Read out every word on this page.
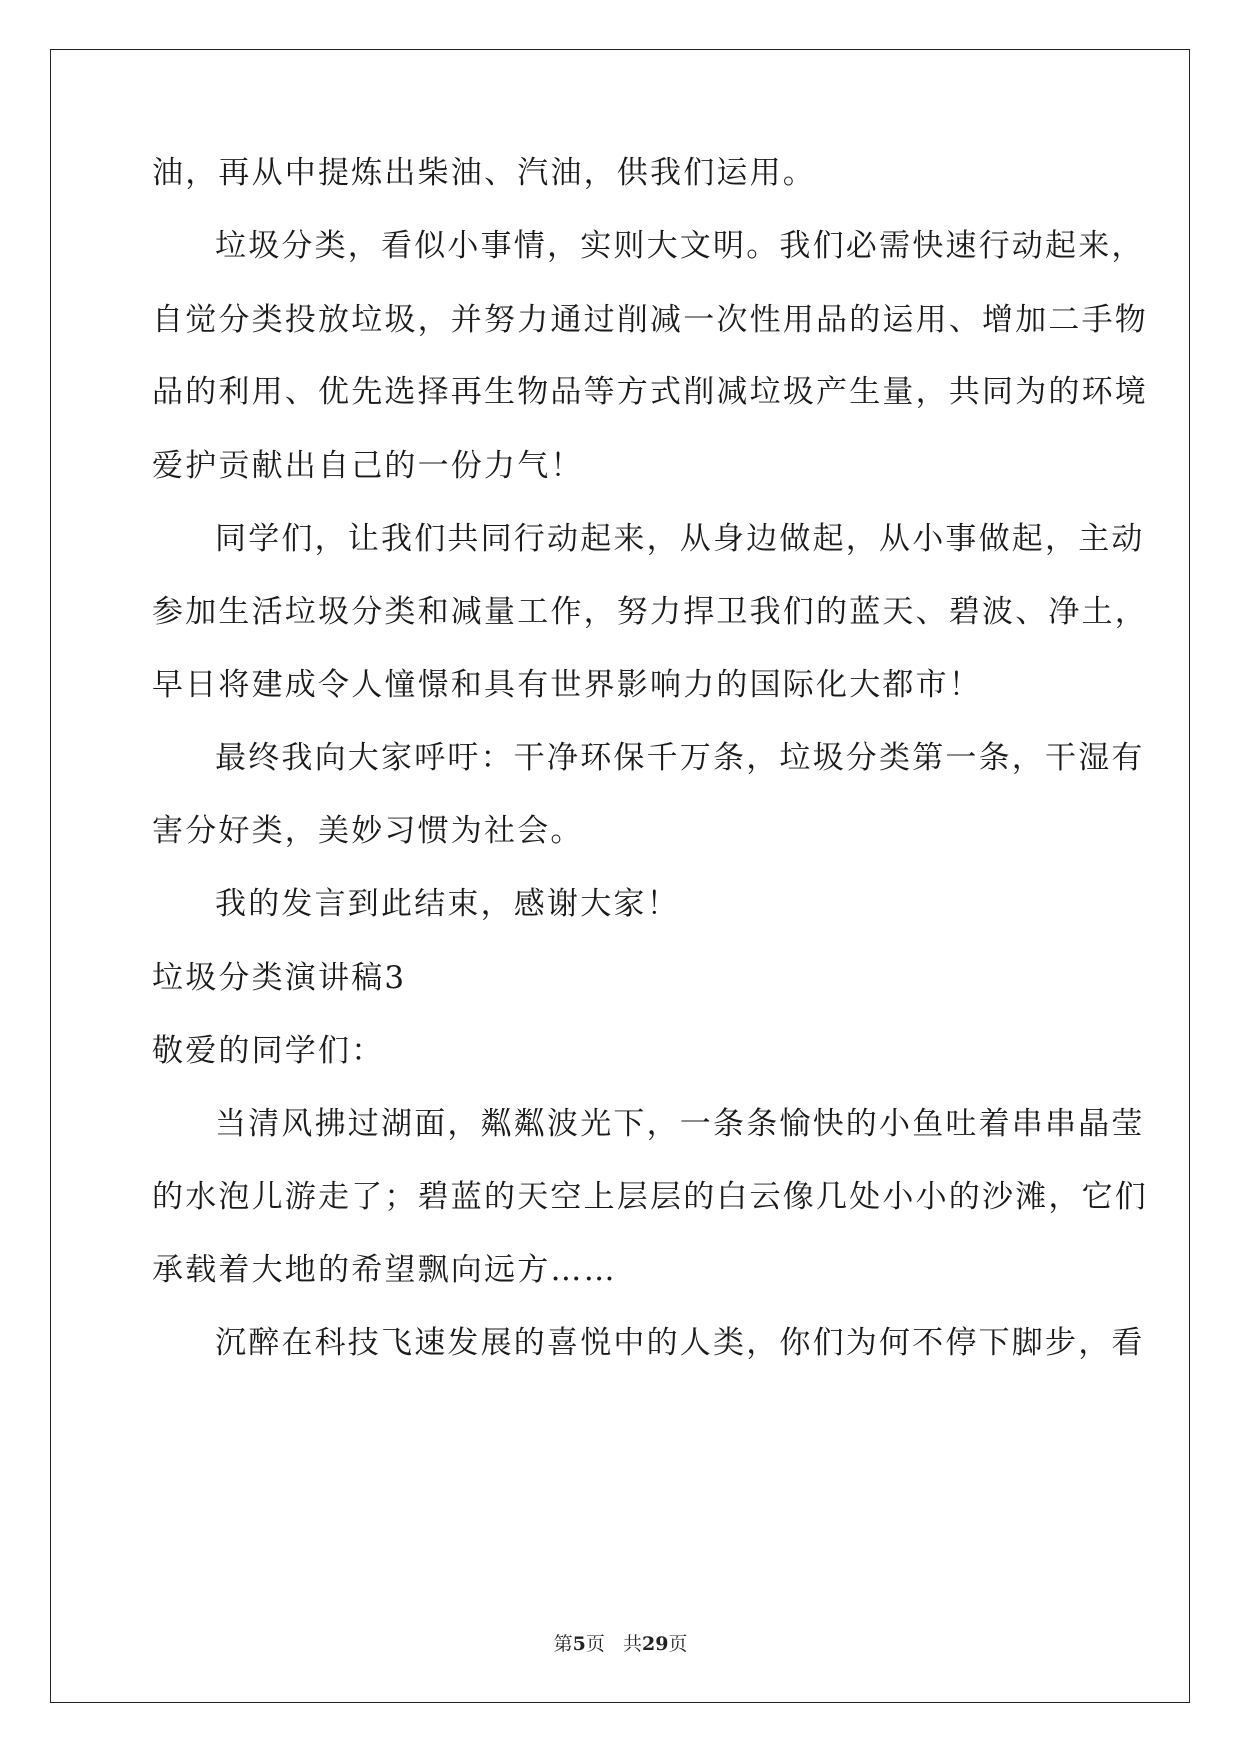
油，再从中提炼出柴油、汽油，供我们运用。
垃圾分类，看似小事情，实则大文明。我们必需快速行动起来，
自觉分类投放垃圾，并努力通过削减一次性用品的运用、增加二手物
品的利用、优先选择再生物品等方式削减垃圾产生量，共同为的环境
爱护贡献出自己的一份力气！
同学们，让我们共同行动起来，从身边做起，从小事做起，主动
参加生活垃圾分类和减量工作，努力捍卫我们的蓝天、碧波、净土，
早日将建成令人憧憬和具有世界影响力的国际化大都市！
最终我向大家呼吁：干净环保千万条，垃圾分类第一条，干湿有
害分好类，美妙习惯为社会。
我的发言到此结束，感谢大家！
垃圾分类演讲稿3
敬爱的同学们：
当清风拂过湖面，粼粼波光下，一条条愉快的小鱼吐着串串晶莹
的水泡儿游走了；碧蓝的天空上层层的白云像几处小小的沙滩，它们
承载着大地的希望飘向远方……
沉醉在科技飞速发展的喜悦中的人类，你们为何不停下脚步，看
第5页 共29页
